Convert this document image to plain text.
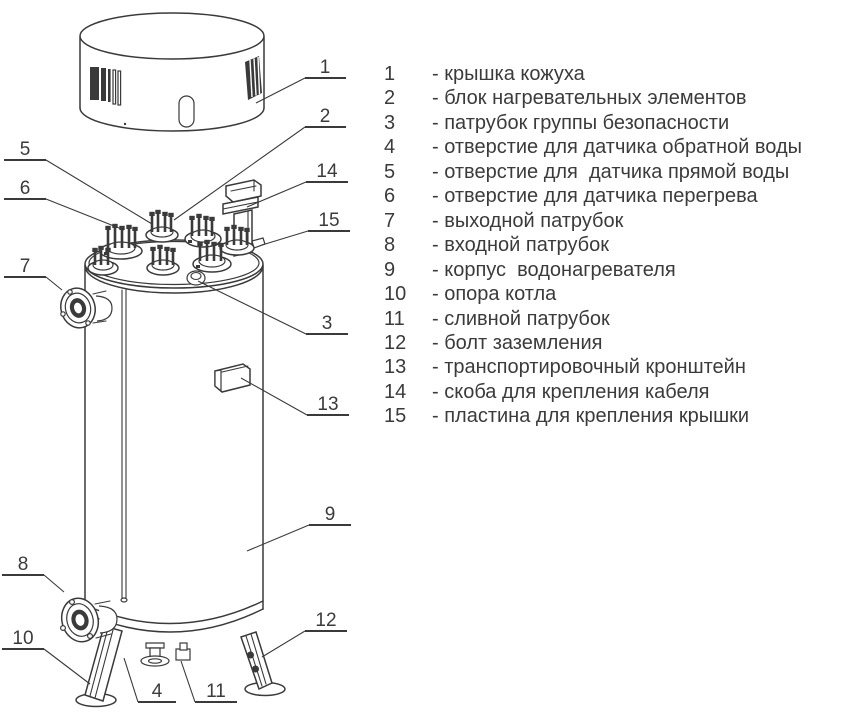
1
2
14
15
3
13
9
12
5
6
7
8
10
4 11
1	- крышка кожуха
2	- блок нагревательных элементов
3	- патрубок группы безопасности
4	- отверстие для датчика обратной воды
5	- отверстие для  датчика прямой воды
6	- отверстие для датчика перегрева
7	- выходной патрубок
8	- входной патрубок
9	- корпус  водонагревателя
10	- опора котла
11	- сливной патрубок
12	- болт заземления
13	- транспортировочный кронштейн
14	- скоба для крепления кабеля
15	- пластина для крепления крышки
